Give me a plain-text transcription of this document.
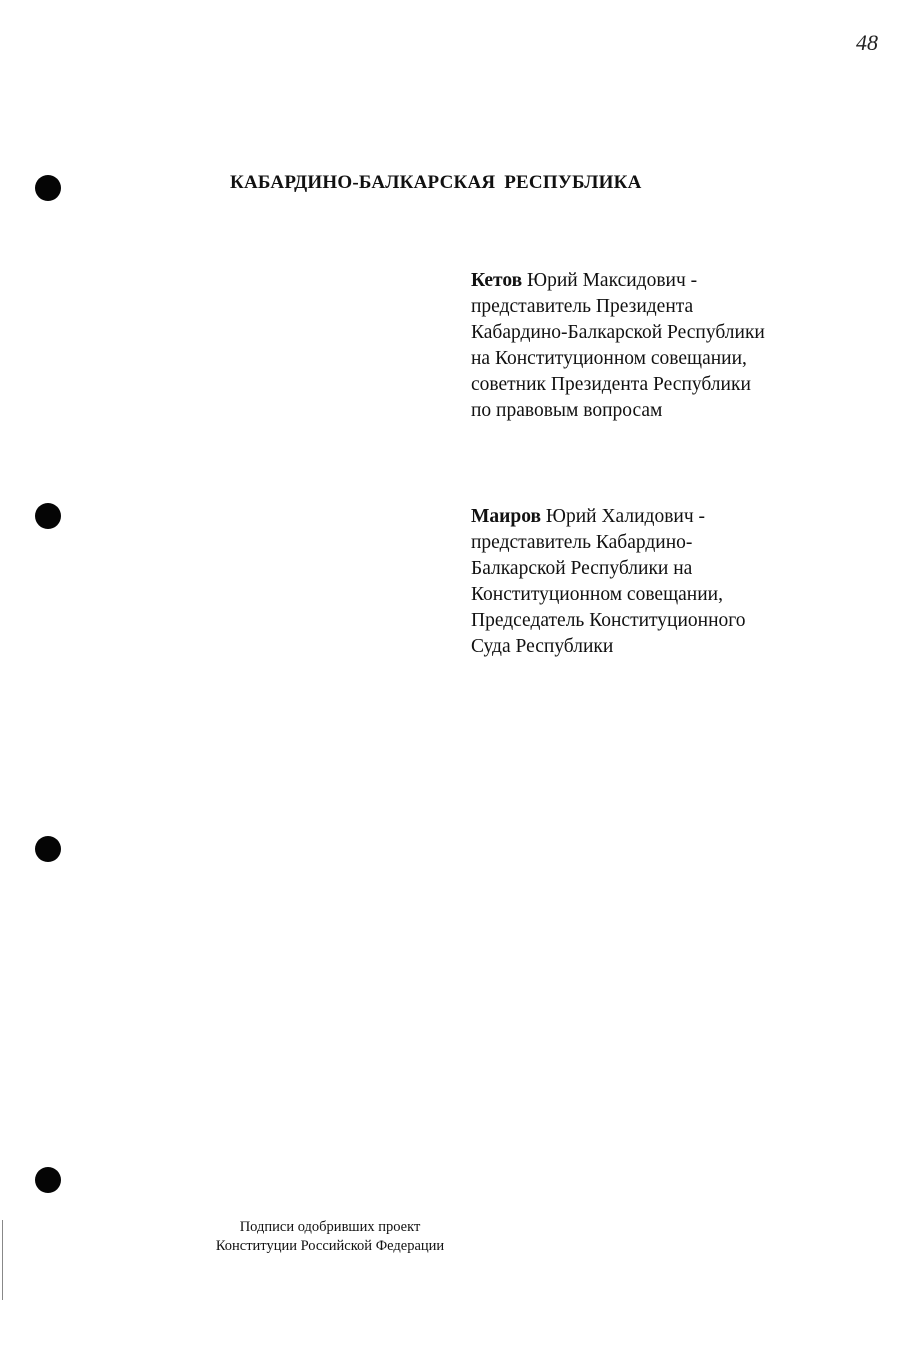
48
КАБАРДИНО-БАЛКАРСКАЯ РЕСПУБЛИКА
Кетов Юрий Максидович -
представитель Президента
Кабардино-Балкарской Республики
на Конституционном совещании,
советник Президента Республики
по правовым вопросам
Маиров Юрий Халидович -
представитель Кабардино-
Балкарской Республики на
Конституционном совещании,
Председатель Конституционного
Суда Республики
Подписи одобривших проект
Конституции Российской Федерации
